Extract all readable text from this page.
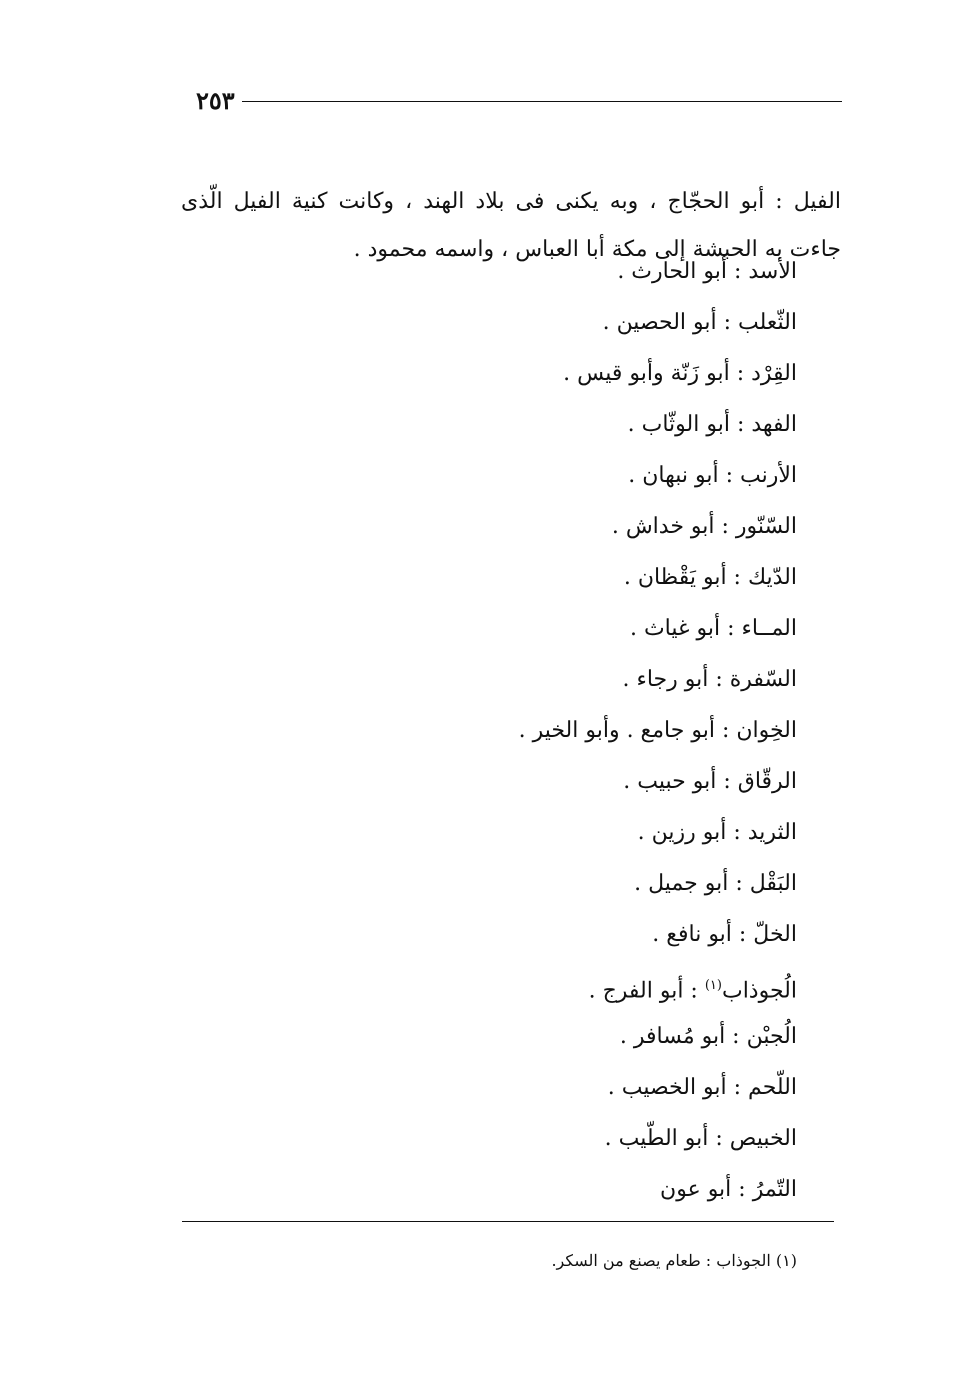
٢٥٣

الفيل : أبو الحجّاج ، وبه يكنى فى بلاد الهند ، وكانت كنية الفيل الّذى جاءت به الحبشة إلى مكة أبا العباس ، واسمه محمود .

الأسد : أبو الحارث .
الثّعلب : أبو الحصين .
القِرْد : أبو زَنّة وأبو قيس .
الفهد : أبو الوثّاب .
الأرنب : أبو نبهان .
السّنّور : أبو خداش .
الدّيك : أبو يَقْظان .
المــاء : أبو غياث .
السّفرة : أبو رجاء .
الخِوان : أبو جامع . وأبو الخير .
الرقّاق : أبو حبيب .
الثريد : أبو رزين .
البَقْل : أبو جميل .
الخلّ : أبو نافع .
الُجوذاب$^{(١)}$ : أبو الفرج .
الُجبْن : أبو مُسافر .
اللّحم : أبو الخصيب .
الخبيص : أبو الطّيب .
التّمرُ : أبو عون
(١) الجوذاب : طعام يصنع من السكر.
